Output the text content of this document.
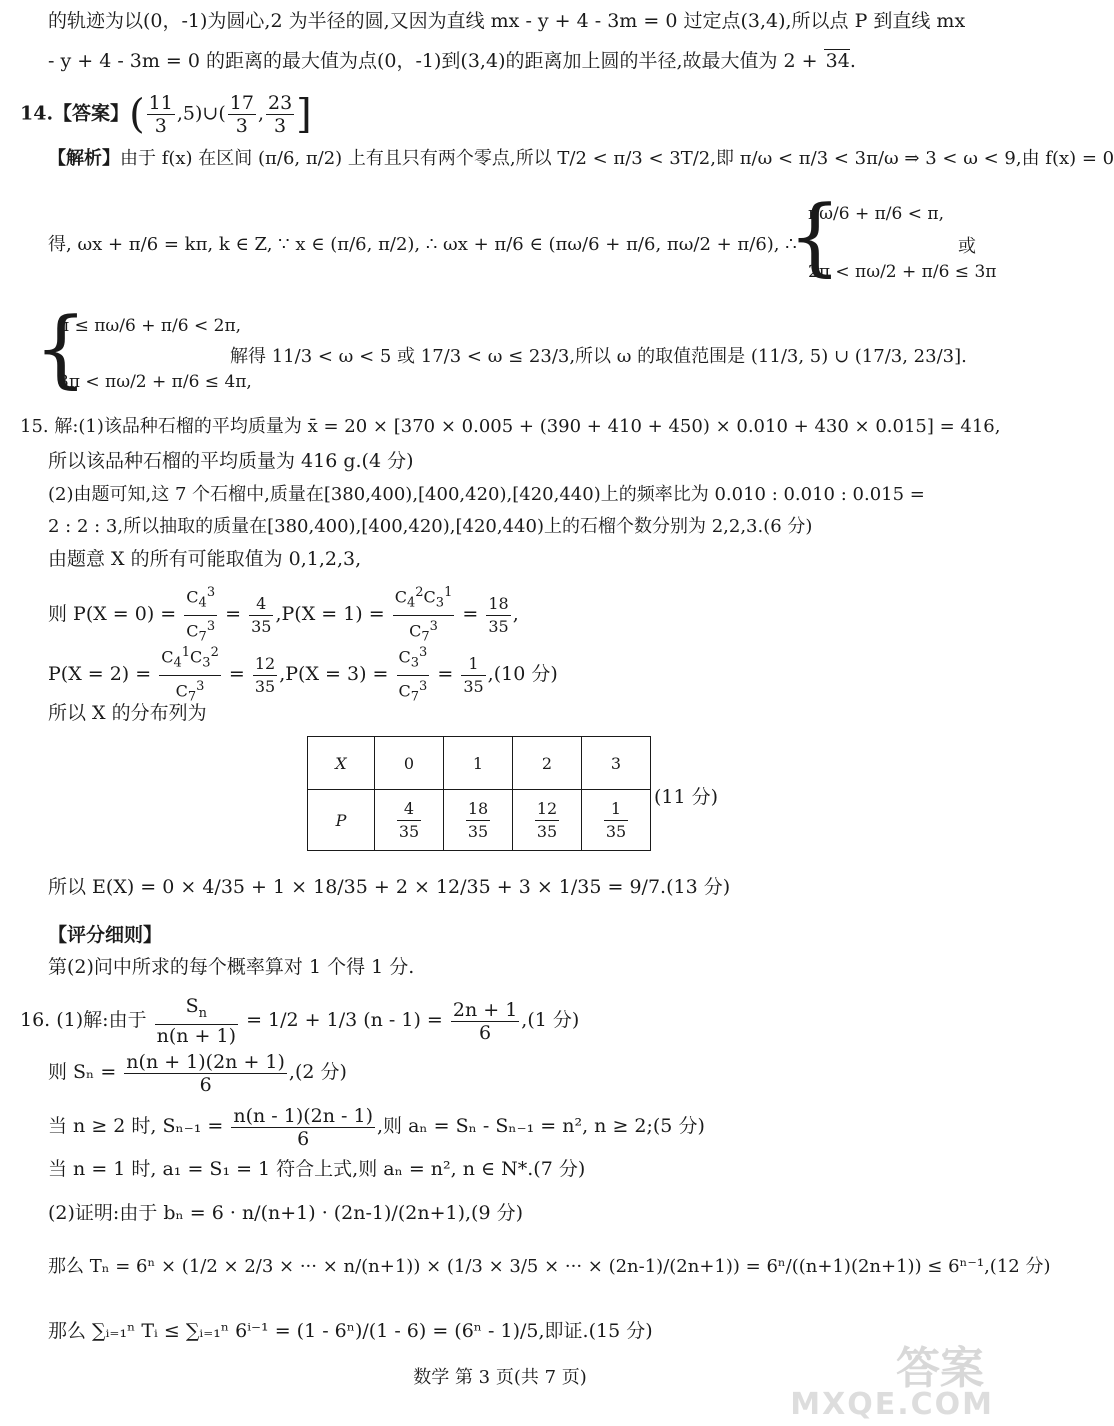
的轨迹为以(0，-1)为圆心,2 为半径的圆,又因为直线 mx - y + 4 - 3m = 0 过定点(3,4),所以点 P 到直线 mx
- y + 4 - 3m = 0 的距离的最大值为点(0，-1)到(3,4)的距离加上圆的半径,故最大值为 2 + 34.
14.【答案】( $\frac{11}{3}$ ,5)∪( $\frac{17}{3}$ , $\frac{23}{3}$ ]
【解析】由于 f(x) 在区间 (π/6, π/2) 上有且只有两个零点,所以 T/2 < π/3 < 3T/2,即 π/ω < π/3 < 3π/ω ⇒ 3 < ω < 9,由 f(x) = 0
得, ωx + π/6 = kπ, k ∈ Z, ∵ x ∈ (π/6, π/2), ∴ ωx + π/6 ∈ (πω/6 + π/6, πω/2 + π/6), ∴
{
πω/6 + π/6 < π,
2π < πω/2 + π/6 ≤ 3π
或
{
π ≤ πω/6 + π/6 < 2π,
3π < πω/2 + π/6 ≤ 4π,
解得 11/3 < ω < 5 或 17/3 < ω ≤ 23/3,所以 ω 的取值范围是 (11/3, 5) ∪ (17/3, 23/3].
15. 解:(1)该品种石榴的平均质量为 x̄ = 20 × [370 × 0.005 + (390 + 410 + 450) × 0.010 + 430 × 0.015] = 416,
所以该品种石榴的平均质量为 416 g.(4 分)
(2)由题可知,这 7 个石榴中,质量在[380,400),[400,420),[420,440)上的频率比为 0.010 : 0.010 : 0.015 =
2 : 2 : 3,所以抽取的质量在[380,400),[400,420),[420,440)上的石榴个数分别为 2,2,3.(6 分)
由题意 X 的所有可能取值为 0,1,2,3,
则 $P(X = 0) = \frac{C_4^3}{C_7^3} = \frac{4}{35} ,P(X = 1) = \frac{C_4^2C_3^1}{C_7^3} = \frac{18}{35}$ ,
$P(X = 2) = \frac{C_4^1C_3^2}{C_7^3} = \frac{12}{35} ,P(X = 3) = \frac{C_3^3}{C_7^3} = \frac{1}{35} ,(10$ 分)
所以 X 的分布列为
X	0	1	2	3
P	$\frac{4}{35}$	$\frac{18}{35}$	$\frac{12}{35}$	$\frac{1}{35}$
(11 分)
所以 E(X) = 0 × 4/35 + 1 × 18/35 + 2 × 12/35 + 3 × 1/35 = 9/7.(13 分)
【评分细则】
第(2)问中所求的每个概率算对 1 个得 1 分.
16. (1)解:由于 $\frac{S_n}{n(n + 1)} = 1/2 + 1/3$ $(n - 1) = \frac{2n + 1}{6} ,(1$ 分)
则 $S_n = \frac{n(n + 1)(2n + 1)}{6} ,(2$ 分)
当 n ≥ 2 时, $S_{n-1} = \frac{n(n - 1)(2n - 1)}{6}$ ,则 aₙ = Sₙ - Sₙ₋₁ = n², n ≥ 2;(5 分)
当 n = 1 时, a₁ = S₁ = 1 符合上式,则 aₙ = n², n ∈ N*.(7 分)
(2)证明:由于 bₙ = 6 · n/(n+1) · (2n-1)/(2n+1),(9 分)
那么 Tₙ = 6ⁿ × (1/2 × 2/3 × ··· × n/(n+1)) × (1/3 × 3/5 × ··· × (2n-1)/(2n+1)) = 6ⁿ/((n+1)(2n+1)) ≤ 6ⁿ⁻¹,(12 分)
那么 ∑ᵢ₌₁ⁿ Tᵢ ≤ ∑ᵢ₌₁ⁿ 6ⁱ⁻¹ = (1 - 6ⁿ)/(1 - 6) = (6ⁿ - 1)/5,即证.(15 分)
数学 第 3 页(共 7 页)	答案
MXQE.COM
